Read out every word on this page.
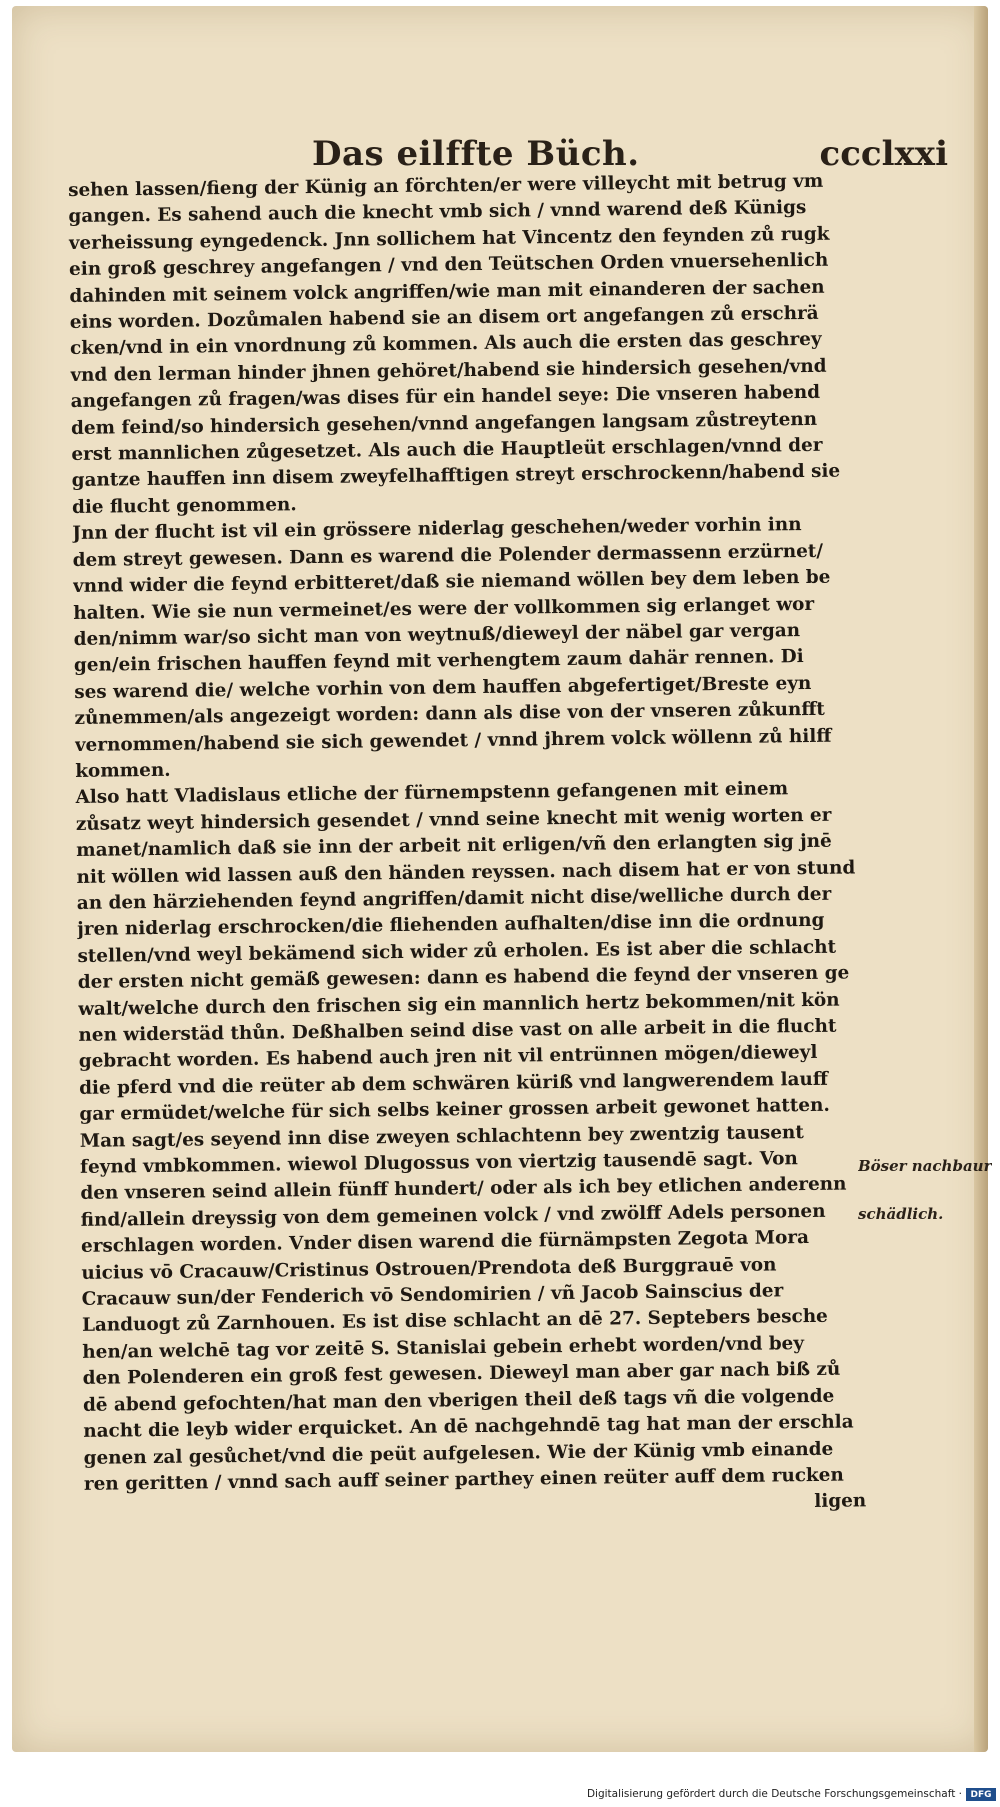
Das eilffte Büch.	ccclxxi

sehen lassen/fieng der Künig an förchten/er were villeycht mit betrug vm
gangen. Es sahend auch die knecht vmb sich / vnnd warend deß Künigs
verheissung eyngedenck. Jnn sollichem hat Vincentz den feynden zů rugk
ein groß geschrey angefangen / vnd den Teütschen Orden vnuersehenlich
dahinden mit seinem volck angriffen/wie man mit einanderen der sachen
eins worden. Dozůmalen habend sie an disem ort angefangen zů erschrä
cken/vnd in ein vnordnung zů kommen. Als auch die ersten das geschrey
vnd den lerman hinder jhnen gehöret/habend sie hindersich gesehen/vnd
angefangen zů fragen/was dises für ein handel seye: Die vnseren habend
dem feind/so hindersich gesehen/vnnd angefangen langsam zůstreytenn
erst mannlichen zůgesetzet. Als auch die Hauptleüt erschlagen/vnnd der
gantze hauffen inn disem zweyfelhafftigen streyt erschrockenn/habend sie
die flucht genommen.

Jnn der flucht ist vil ein grössere niderlag geschehen/weder vorhin inn
dem streyt gewesen. Dann es warend die Polender dermassenn erzürnet/
vnnd wider die feynd erbitteret/daß sie niemand wöllen bey dem leben be
halten. Wie sie nun vermeinet/es were der vollkommen sig erlanget wor
den/nimm war/so sicht man von weytnuß/dieweyl der näbel gar vergan
gen/ein frischen hauffen feynd mit verhengtem zaum dahär rennen. Di
ses warend die/ welche vorhin von dem hauffen abgefertiget/Breste eyn
zůnemmen/als angezeigt worden: dann als dise von der vnseren zůkunfft
vernommen/habend sie sich gewendet / vnnd jhrem volck wöllenn zů hilff
kommen.

Also hatt Vladislaus etliche der fürnempstenn gefangenen mit einem
zůsatz weyt hindersich gesendet / vnnd seine knecht mit wenig worten er
manet/namlich daß sie inn der arbeit nit erligen/vñ den erlangten sig jnē
nit wöllen wid lassen auß den händen reyssen. nach disem hat er von stund
an den härziehenden feynd angriffen/damit nicht dise/welliche durch der
jren niderlag erschrocken/die fliehenden aufhalten/dise inn die ordnung
stellen/vnd weyl bekämend sich wider zů erholen. Es ist aber die schlacht
der ersten nicht gemäß gewesen: dann es habend die feynd der vnseren ge
walt/welche durch den frischen sig ein mannlich hertz bekommen/nit kön
nen widerstäd thůn. Deßhalben seind dise vast on alle arbeit in die flucht
gebracht worden. Es habend auch jren nit vil entrünnen mögen/dieweyl
die pferd vnd die reüter ab dem schwären küriß vnd langwerendem lauff
gar ermüdet/welche für sich selbs keiner grossen arbeit gewonet hatten.

Man sagt/es seyend inn dise zweyen schlachtenn bey zwentzig tausent
feynd vmbkommen. wiewol Dlugossus von viertzig tausendē sagt. Von
den vnseren seind allein fünff hundert/ oder als ich bey etlichen anderenn
find/allein dreyssig von dem gemeinen volck / vnd zwölff Adels personen
erschlagen worden. Vnder disen warend die fürnämpsten Zegota Mora
uicius vō Cracauw/Cristinus Ostrouen/Prendota deß Burggrauē von
Cracauw sun/der Fenderich vō Sendomirien / vñ Jacob Sainscius der
Landuogt zů Zarnhouen. Es ist dise schlacht an dē 27. Septebers besche
hen/an welchē tag vor zeitē S. Stanislai gebein erhebt worden/vnd bey
den Polenderen ein groß fest gewesen. Dieweyl man aber gar nach biß zů
dē abend gefochten/hat man den vberigen theil deß tags vñ die volgende
nacht die leyb wider erquicket. An dē nachgehndē tag hat man der erschla
genen zal gesůchet/vnd die peüt aufgelesen. Wie der Künig vmb einande
ren geritten / vnnd sach auff seiner parthey einen reüter auff dem rucken

ligen
Böser nachbaur

schädlich.
Digitalisierung gefördert durch die Deutsche Forschungsgemeinschaft · DFG
